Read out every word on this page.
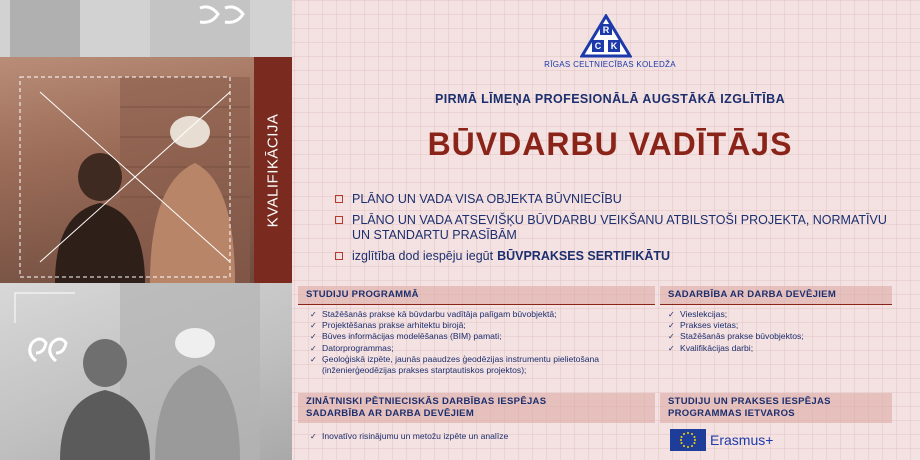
KVALIFIKĀCIJA
R
C K
RĪGAS CELTNIECĪBAS KOLEDŽA
PIRMĀ LĪMEŅA PROFESIONĀLĀ AUGSTĀKĀ IZGLĪTĪBA
BŪVDARBU VADĪTĀJS
PLĀNO UN VADA VISA OBJEKTA BŪVNIECĪBU
PLĀNO UN VADA ATSEVIŠĶU BŪVDARBU VEIKŠANU ATBILSTOŠI PROJEKTA, NORMATĪVU UN STANDARTU PRASĪBĀM
izglītība dod iespēju iegūt BŪVPRAKSES SERTIFIKĀTU
STUDIJU PROGRAMMĀ
✓ Stažēšanās prakse kā būvdarbu vadītāja palīgam būvobjektā;
✓ Projektēšanas prakse arhitektu birojā;
✓ Būves informācijas modelēšanas (BIM) pamati;
✓ Datorprogrammas;
✓ Ģeoloģiskā izpēte, jaunās paaudzes ģeodēzijas instrumentu pielietošana (inženierģeodēzijas prakses starptautiskos projektos);
SADARBĪBA AR DARBA DEVĒJIEM
✓ Vieslekcijas;
✓ Prakses vietas;
✓ Stažēšanās prakse būvobjektos;
✓ Kvalifikācijas darbi;
ZINĀTNISKI PĒTNIECISKĀS DARBĪBAS IESPĒJAS
SADARBĪBA AR DARBA DEVĒJIEM
✓ Inovatīvo risinājumu un metožu izpēte un analīze
STUDIJU UN PRAKSES IESPĒJAS
PROGRAMMAS IETVAROS
Erasmus+
